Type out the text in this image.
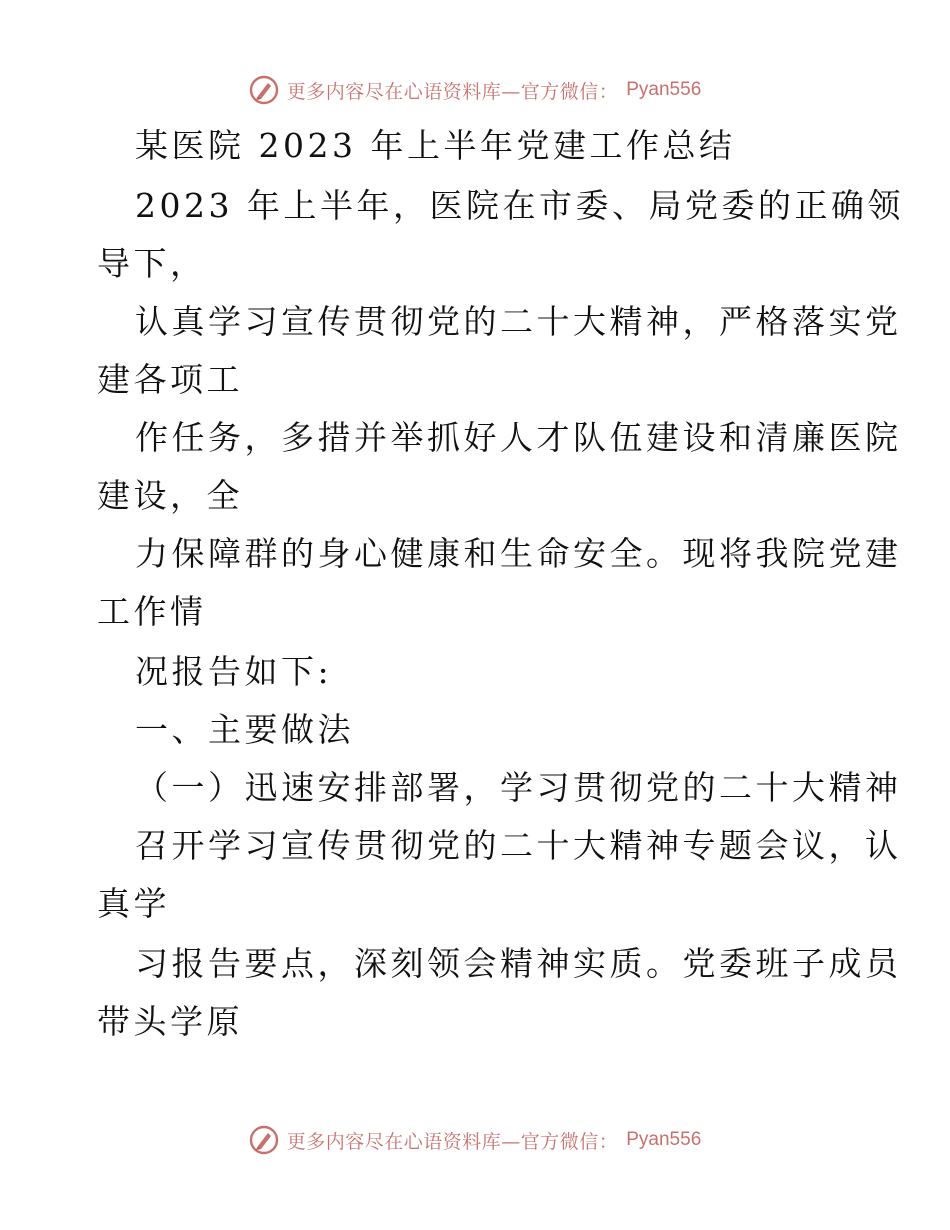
更多内容尽在心语资料库—官方微信： Pyan556
某医院 2023 年上半年党建工作总结
2023 年上半年，医院在市委、局党委的正确领
导下，
认真学习宣传贯彻党的二十大精神，严格落实党
建各项工
作任务，多措并举抓好人才队伍建设和清廉医院
建设，全
力保障群的身心健康和生命安全。现将我院党建
工作情
况报告如下:
一、主要做法
（一）迅速安排部署，学习贯彻党的二十大精神
召开学习宣传贯彻党的二十大精神专题会议，认
真学
习报告要点，深刻领会精神实质。党委班子成员
带头学原
更多内容尽在心语资料库—官方微信： Pyan556
